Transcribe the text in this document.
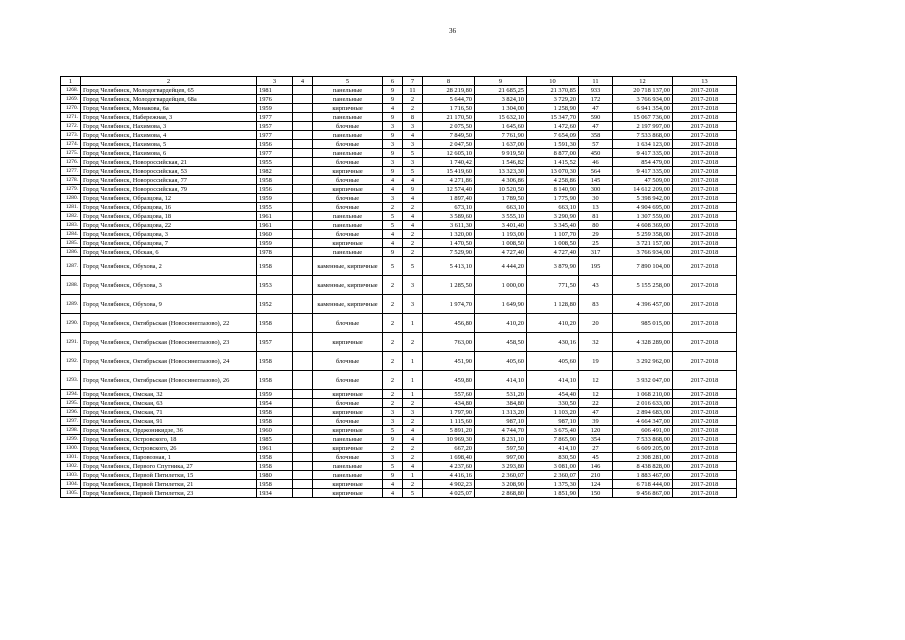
36
1	2	3	4	5	6	7	8	9	10	11	12	13
1268.	Город Челябинск, Молодогвардейцев, 65	1981		панельные	9	11	28 219,80	21 685,25	21 370,85	933	20 718 137,00	2017-2018
1269.	Город Челябинск, Молодогвардейцев, 68а	1976		панельные	9	2	5 644,70	3 824,10	3 729,20	172	3 766 934,00	2017-2018
1270.	Город Челябинск, Монакова, 6а	1959		кирпичные	4	2	1 716,50	1 304,00	1 258,90	47	6 941 354,00	2017-2018
1271.	Город Челябинск, Набережная, 3	1977		панельные	9	8	21 170,50	15 632,10	15 347,70	590	15 067 736,00	2017-2018
1272.	Город Челябинск, Нахимова, 3	1957		блочные	3	3	2 075,50	1 645,60	1 472,60	47	2 197 997,00	2017-2018
1273.	Город Челябинск, Нахимова, 4	1977		панельные	9	4	7 849,50	7 761,90	7 654,09	358	7 533 868,00	2017-2018
1274.	Город Челябинск, Нахимова, 5	1956		блочные	3	3	2 047,50	1 637,00	1 591,30	57	1 634 123,00	2017-2018
1275.	Город Челябинск, Нахимова, 6	1977		панельные	9	5	12 605,10	9 919,50	8 877,00	450	9 417 335,00	2017-2018
1276.	Город Челябинск, Новороссийская, 21	1955		блочные	3	3	1 740,42	1 546,82	1 415,52	46	854 479,00	2017-2018
1277.	Город Челябинск, Новороссийская, 53	1982		кирпичные	9	5	15 419,60	13 323,30	13 070,30	564	9 417 335,00	2017-2018
1278.	Город Челябинск, Новороссийская, 77	1958		блочные	4	4	4 271,86	4 306,86	4 258,86	145	47 509,00	2017-2018
1279.	Город Челябинск, Новороссийская, 79	1956		кирпичные	4	9	12 574,40	10 520,50	8 140,90	300	14 612 209,00	2017-2018
1280.	Город Челябинск, Образцова, 12	1959		блочные	3	4	1 897,40	1 789,50	1 775,90	30	5 398 942,00	2017-2018
1281.	Город Челябинск, Образцова, 16	1955		блочные	2	2	673,10	663,10	663,10	13	4 904 695,00	2017-2018
1282.	Город Челябинск, Образцова, 18	1961		панельные	5	4	3 589,60	3 555,10	3 290,90	81	1 307 559,00	2017-2018
1283.	Город Челябинск, Образцова, 22	1961		панельные	5	4	3 611,30	3 401,40	3 345,40	80	4 608 369,00	2017-2018
1284.	Город Челябинск, Образцова, 3	1960		блочные	4	2	1 320,00	1 193,00	1 107,70	29	5 259 358,00	2017-2018
1285.	Город Челябинск, Образцова, 7	1959		кирпичные	4	2	1 470,50	1 008,50	1 008,50	25	3 721 157,00	2017-2018
1286.	Город Челябинск, Обская, 6	1978		панельные	9	2	7 529,90	4 727,40	4 727,40	317	3 766 934,00	2017-2018
1287.	Город Челябинск, Обухова, 2	1958		каменные, кирпичные	5	5	5 413,10	4 444,20	3 879,90	195	7 890 104,00	2017-2018
1288.	Город Челябинск, Обухова, 3	1953		каменные, кирпичные	2	3	1 285,50	1 000,00	771,50	43	5 155 258,00	2017-2018
1289.	Город Челябинск, Обухова, 9	1952		каменные, кирпичные	2	3	1 974,70	1 649,90	1 128,80	83	4 396 457,00	2017-2018
1290.	Город Челябинск, Октябрьская (Новосинеглазово), 22	1958		блочные	2	1	456,80	410,20	410,20	20	985 015,00	2017-2018
1291.	Город Челябинск, Октябрьская (Новосинеглазово), 23	1957		кирпичные	2	2	763,00	458,50	430,16	32	4 328 289,00	2017-2018
1292.	Город Челябинск, Октябрьская (Новосинеглазово), 24	1958		блочные	2	1	451,90	405,60	405,60	19	3 292 962,00	2017-2018
1293.	Город Челябинск, Октябрьская (Новосинеглазово), 26	1958		блочные	2	1	459,80	414,10	414,10	12	3 932 047,00	2017-2018
1294.	Город Челябинск, Омская, 32	1959		кирпичные	2	1	557,60	531,20	454,40	12	1 068 210,00	2017-2018
1295.	Город Челябинск, Омская, 63	1954		блочные	2	2	434,80	384,80	330,50	22	2 016 633,00	2017-2018
1296.	Город Челябинск, Омская, 71	1958		кирпичные	3	3	1 797,90	1 313,20	1 103,20	47	2 894 683,00	2017-2018
1297.	Город Челябинск, Омская, 91	1958		блочные	3	2	1 115,60	987,10	987,10	39	4 664 347,00	2017-2018
1298.	Город Челябинск, Орджоникидзе, 36	1960		кирпичные	5	4	5 891,20	4 744,70	3 675,40	120	606 491,00	2017-2018
1299.	Город Челябинск, Островского, 18	1985		панельные	9	4	10 969,30	8 231,10	7 865,90	354	7 533 868,00	2017-2018
1300.	Город Челябинск, Островского, 26	1961		кирпичные	2	2	667,20	597,50	414,10	27	6 609 205,00	2017-2018
1301.	Город Челябинск, Паровозная, 1	1958		блочные	3	2	1 698,40	997,00	830,50	45	2 308 281,00	2017-2018
1302.	Город Челябинск, Первого Спутника, 27	1958		панельные	5	4	4 237,60	3 293,80	3 081,00	146	8 438 828,00	2017-2018
1303.	Город Челябинск, Первой Пятилетки, 15	1980		панельные	9	1	4 416,16	2 360,07	2 360,07	210	1 883 467,00	2017-2018
1304.	Город Челябинск, Первой Пятилетки, 21	1958		кирпичные	4	2	4 902,23	3 208,90	1 375,30	124	6 718 444,00	2017-2018
1305.	Город Челябинск, Первой Пятилетки, 23	1934		кирпичные	4	5	4 025,07	2 868,80	1 851,90	150	9 456 867,00	2017-2018
